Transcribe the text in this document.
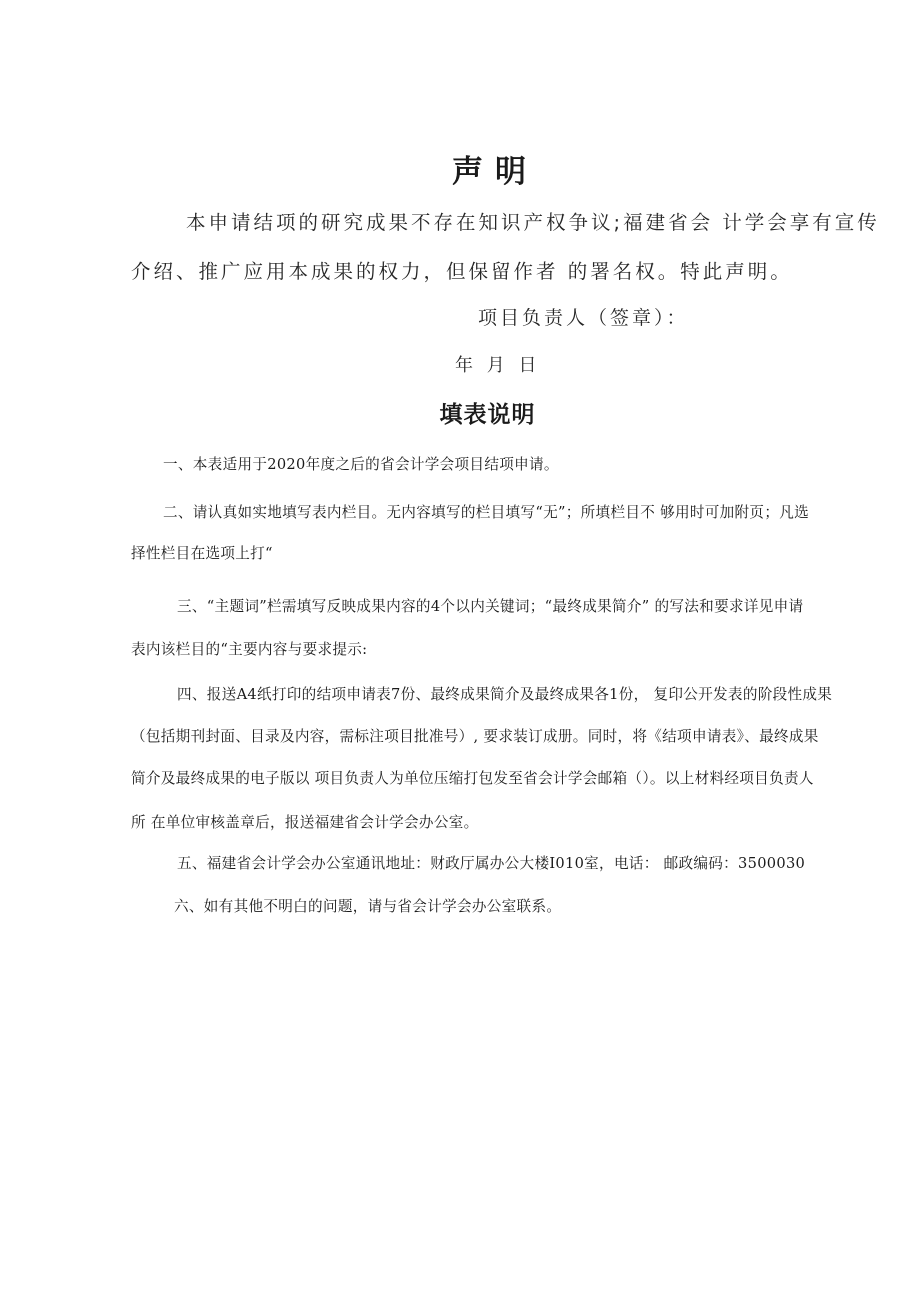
声明

本申请结项的研究成果不存在知识产权争议;福建省会 计学会享有宣传

介绍、推广应用本成果的权力，但保留作者 的署名权。特此声明。

项目负责人（签章）：

年 月 日

填表说明

一、本表适用于2020年度之后的省会计学会项目结项申请。

二、请认真如实地填写表内栏目。无内容填写的栏目填写“无”；所填栏目不 够用时可加附页；凡选

择性栏目在选项上打“

三、“主题词”栏需填写反映成果内容的4个以内关键词；“最终成果简介” 的写法和要求详见申请

表内该栏目的“主要内容与要求提示:

四、报送A4纸打印的结项申请表7份、最终成果简介及最终成果各1份， 复印公开发表的阶段性成果

（包括期刊封面、目录及内容，需标注项目批准号）, 要求装订成册。同时，将《结项申请表》、最终成果

简介及最终成果的电子版以 项目负责人为单位压缩打包发至省会计学会邮箱（）。以上材料经项目负责人

所 在单位审核盖章后，报送福建省会计学会办公室。

五、福建省会计学会办公室通讯地址：财政厅属办公大楼I010室，电话： 邮政编码：3500030

六、如有其他不明白的问题，请与省会计学会办公室联系。
